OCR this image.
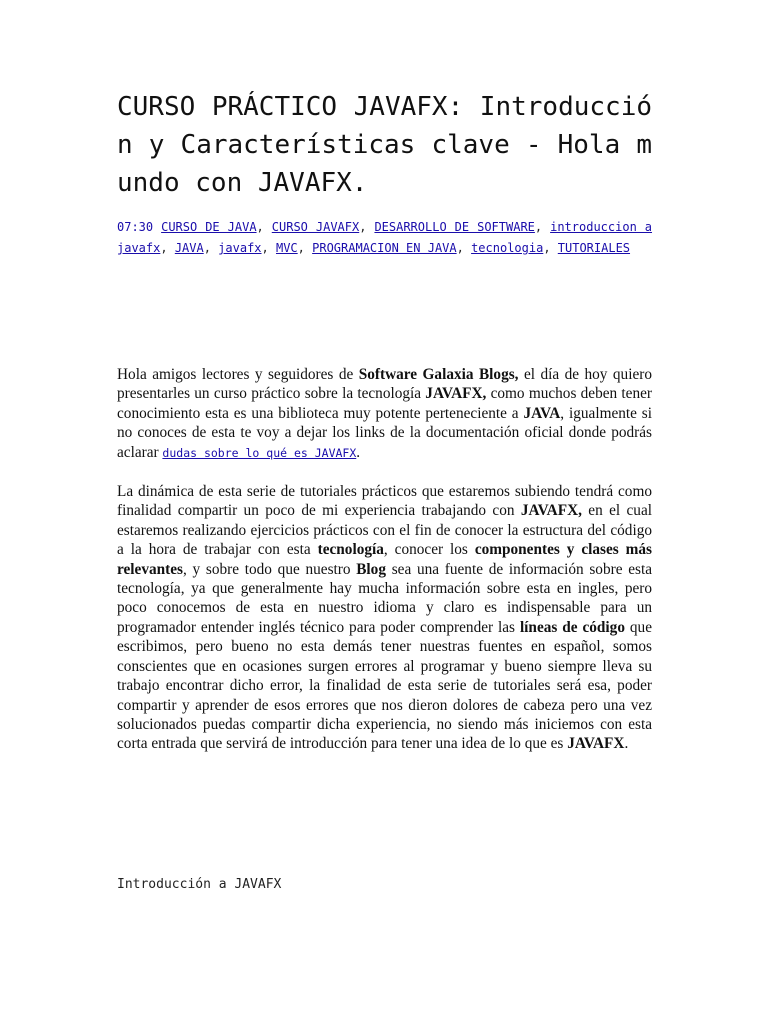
CURSO PRÁCTICO JAVAFX: Introducción y Características clave - Hola mundo con JAVAFX.
07:30 CURSO DE JAVA, CURSO JAVAFX, DESARROLLO DE SOFTWARE, introduccion a javafx, JAVA, javafx, MVC, PROGRAMACION EN JAVA, tecnologia, TUTORIALES

Hola amigos lectores y seguidores de Software Galaxia Blogs, el día de hoy quiero presentarles un curso práctico sobre la tecnología JAVAFX, como muchos deben tener conocimiento esta es una biblioteca muy potente perteneciente a JAVA, igualmente si no conoces de esta te voy a dejar los links de la documentación oficial donde podrás aclarar dudas sobre lo qué es JAVAFX.

La dinámica de esta serie de tutoriales prácticos que estaremos subiendo tendrá como finalidad compartir un poco de mi experiencia trabajando con JAVAFX, en el cual estaremos realizando ejercicios prácticos con el fin de conocer la estructura del código a la hora de trabajar con esta tecnología, conocer los componentes y clases más relevantes, y sobre todo que nuestro Blog sea una fuente de información sobre esta tecnología, ya que generalmente hay mucha información sobre esta en ingles, pero poco conocemos de esta en nuestro idioma y claro es indispensable para un programador entender inglés técnico para poder comprender las líneas de código que escribimos, pero bueno no esta demás tener nuestras fuentes en español, somos conscientes que en ocasiones surgen errores al programar y bueno siempre lleva su trabajo encontrar dicho error, la finalidad de esta serie de tutoriales será esa, poder compartir y aprender de esos errores que nos dieron dolores de cabeza pero una vez solucionados puedas compartir dicha experiencia, no siendo más iniciemos con esta corta entrada que servirá de introducción para tener una idea de lo que es JAVAFX.

Introducción a JAVAFX
